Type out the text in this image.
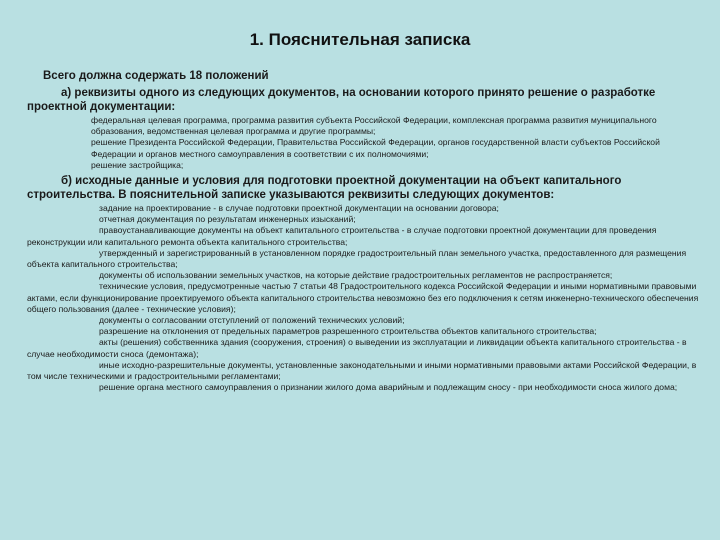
1. Пояснительная записка

Всего должна содержать 18 положений

а) реквизиты одного из следующих документов, на основании которого принято решение о разработке проектной документации:

федеральная целевая программа, программа развития субъекта Российской Федерации, комплексная программа развития муниципального образования, ведомственная целевая программа и другие программы;

решение Президента Российской Федерации, Правительства Российской Федерации, органов государственной власти субъектов Российской Федерации и органов местного самоуправления в соответствии с их полномочиями;

решение застройщика;

б) исходные данные и условия для подготовки проектной документации на объект капитального строительства. В пояснительной записке указываются реквизиты следующих документов:

задание на проектирование - в случае подготовки проектной документации на основании договора;

отчетная документация по результатам инженерных изысканий;

правоустанавливающие документы на объект капитального строительства - в случае подготовки проектной документации для проведения реконструкции или капитального ремонта объекта капитального строительства;

утвержденный и зарегистрированный в установленном порядке градостроительный план земельного участка, предоставленного для размещения объекта капитального строительства;

документы об использовании земельных участков, на которые действие градостроительных регламентов не распространяется;

технические условия, предусмотренные частью 7 статьи 48 Градостроительного кодекса Российской Федерации и иными нормативными правовыми актами, если функционирование проектируемого объекта капитального строительства невозможно без его подключения к сетям инженерно-технического обеспечения общего пользования (далее - технические условия);

документы о согласовании отступлений от положений технических условий;

разрешение на отклонения от предельных параметров разрешенного строительства объектов капитального строительства;

акты (решения) собственника здания (сооружения, строения) о выведении из эксплуатации и ликвидации объекта капитального строительства - в случае необходимости сноса (демонтажа);

иные исходно-разрешительные документы, установленные законодательными и иными нормативными правовыми актами Российской Федерации, в том числе техническими и градостроительными регламентами;

решение органа местного самоуправления о признании жилого дома аварийным и подлежащим сносу - при необходимости сноса жилого дома;
